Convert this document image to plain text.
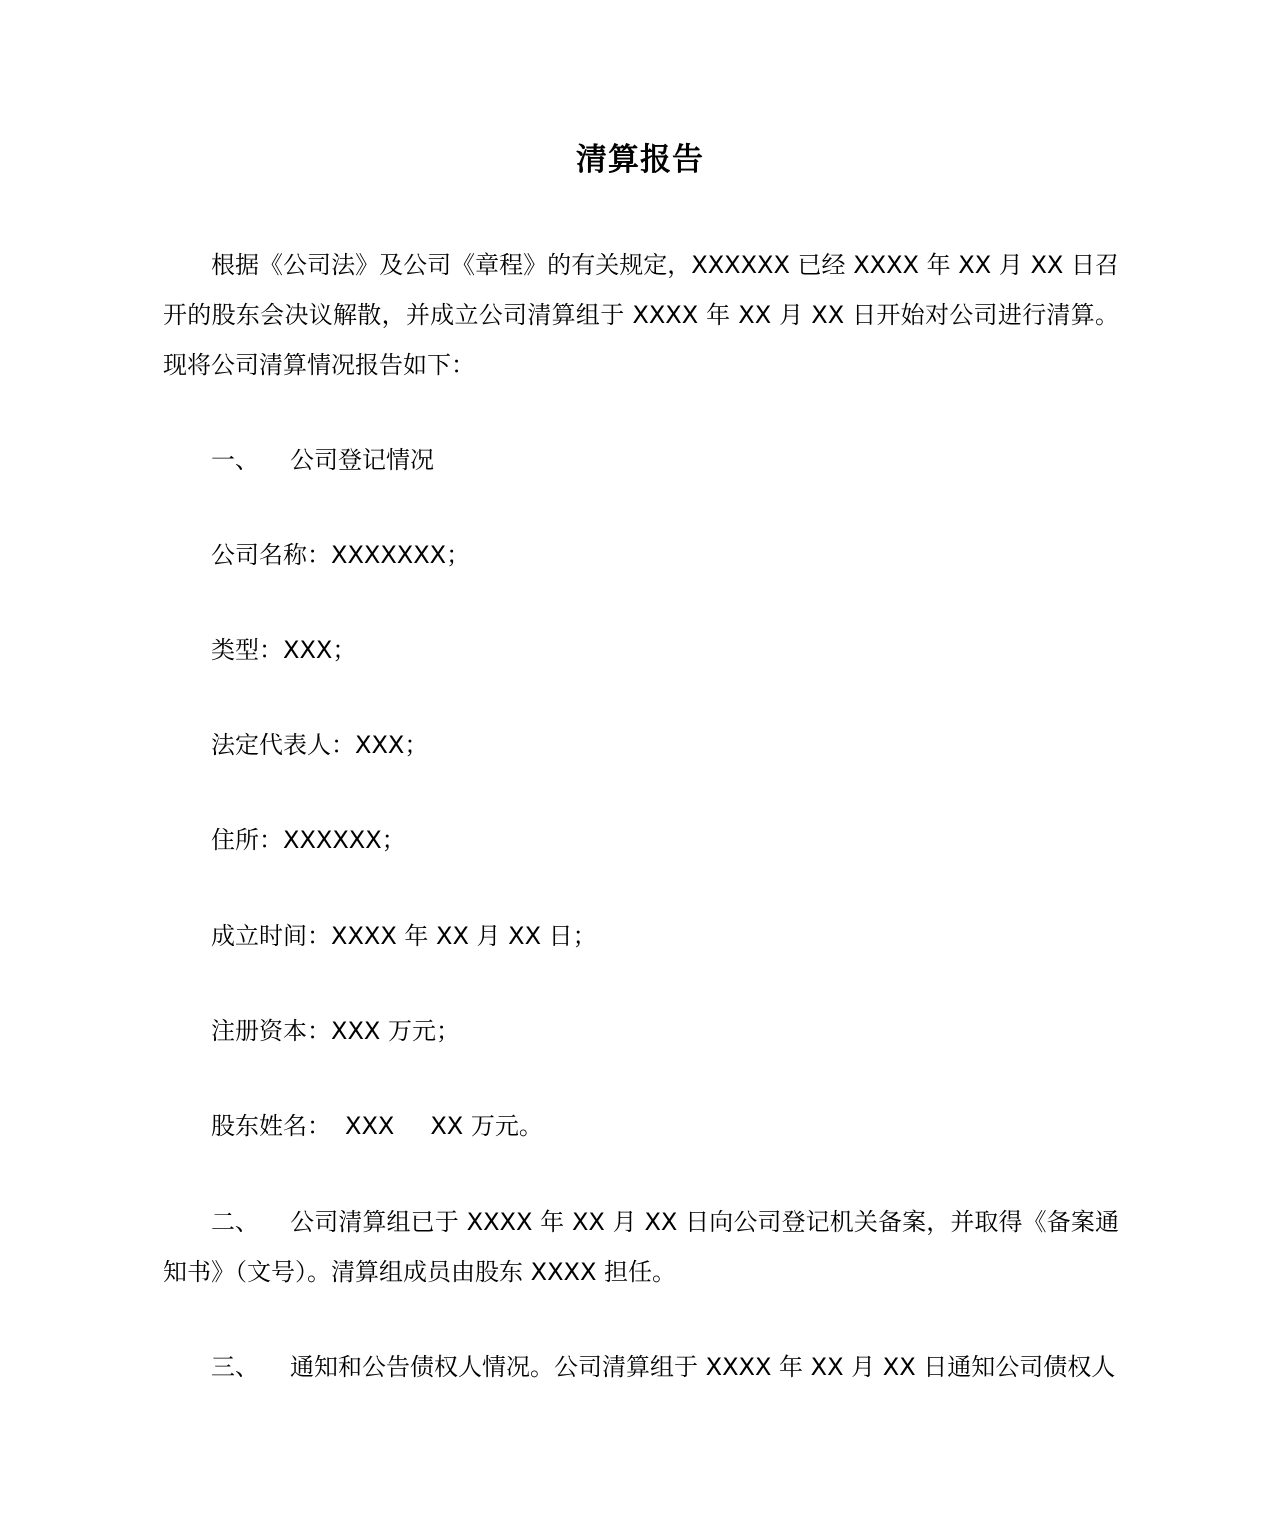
清算报告

根据《公司法》及公司《章程》的有关规定，XXXXXX 已经 XXXX 年 XX 月 XX 日召开的股东会决议解散，并成立公司清算组于 XXXX 年 XX 月 XX 日开始对公司进行清算。现将公司清算情况报告如下：

一、 公司登记情况
公司名称：XXXXXXX；
类型：XXX；
法定代表人：XXX；
住所：XXXXXX；
成立时间：XXXX 年 XX 月 XX 日；
注册资本：XXX 万元；
股东姓名： XXX XX 万元。
二、 公司清算组已于 XXXX 年 XX 月 XX 日向公司登记机关备案，并取得《备案通知书》（文号）。清算组成员由股东 XXXX 担任。
三、 通知和公告债权人情况。公司清算组于 XXXX 年 XX 月 XX 日通知公司债权人
